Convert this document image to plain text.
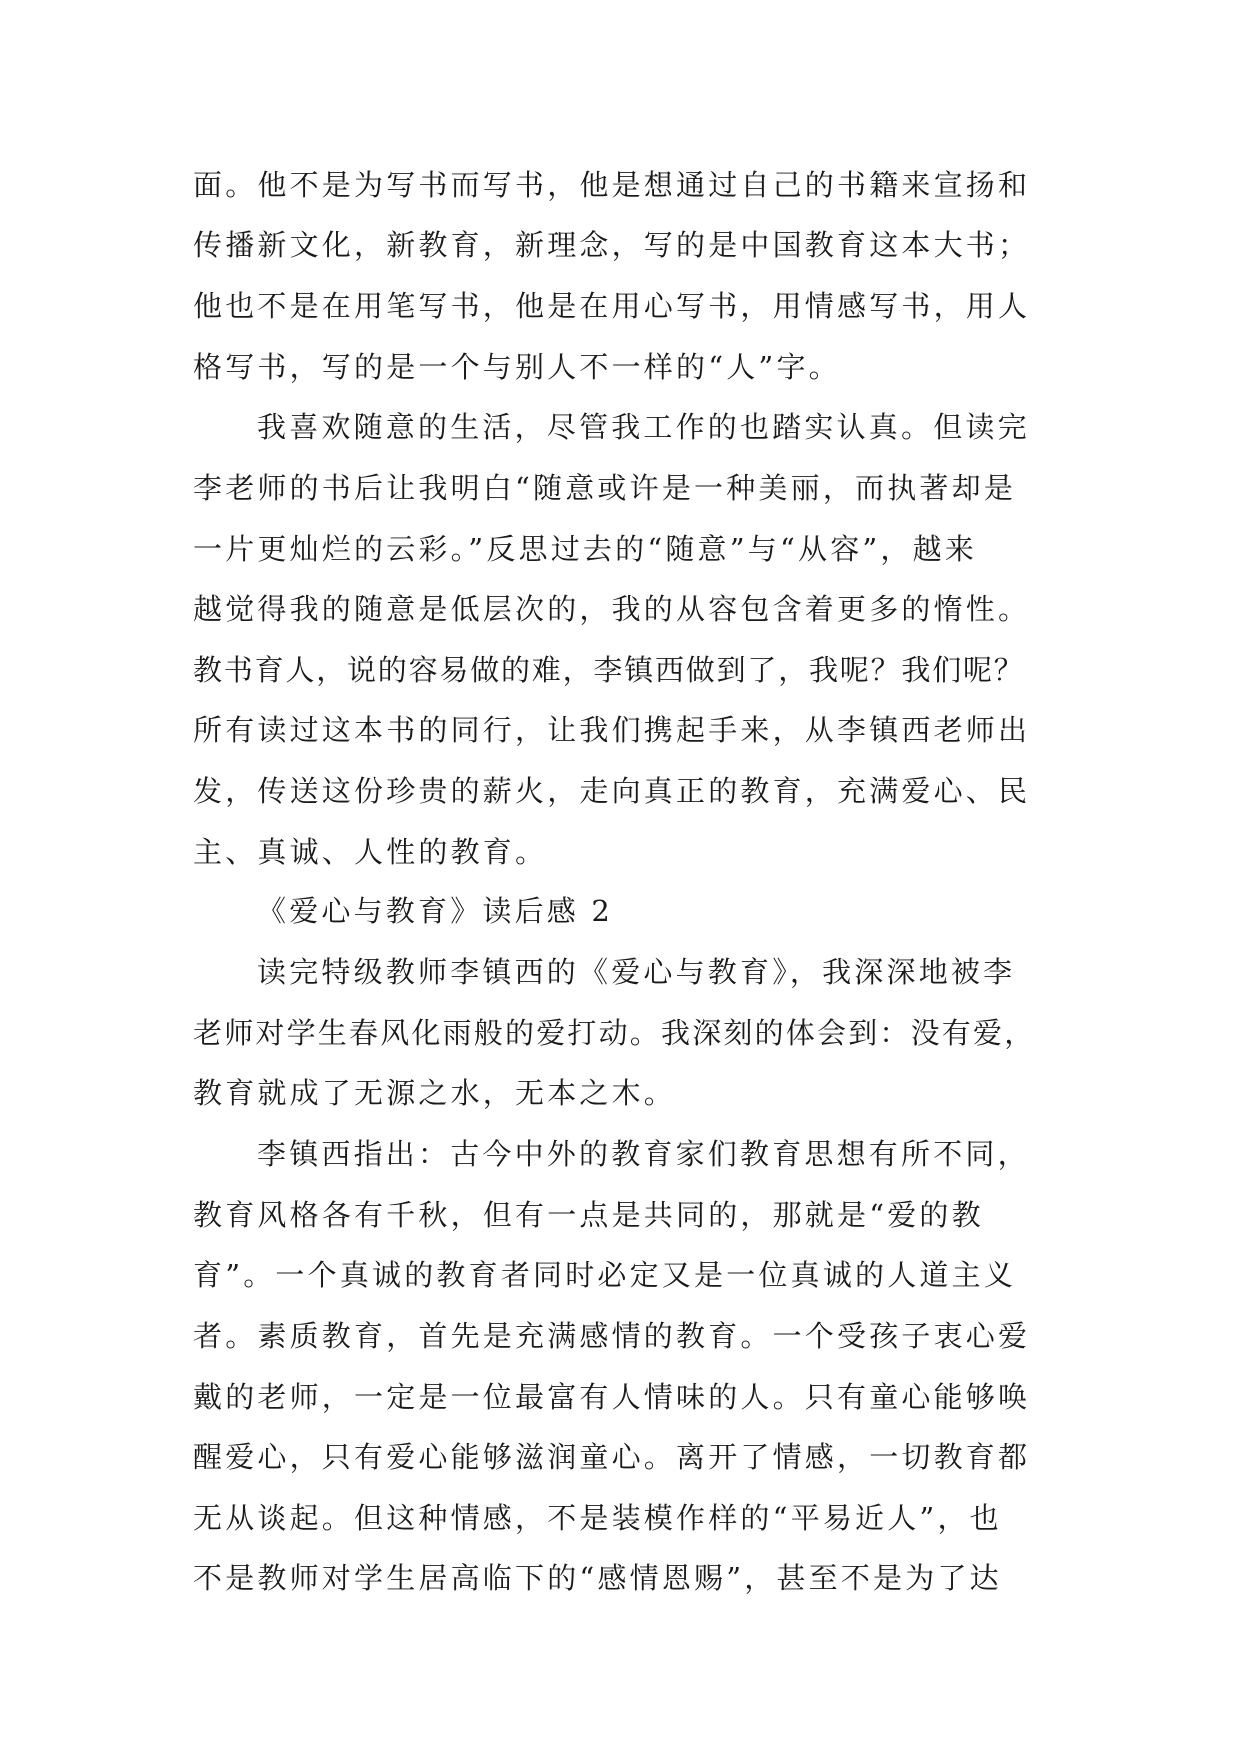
面。他不是为写书而写书，他是想通过自己的书籍来宣扬和
传播新文化，新教育，新理念，写的是中国教育这本大书；
他也不是在用笔写书，他是在用心写书，用情感写书，用人
格写书，写的是一个与别人不一样的“人”字。
我喜欢随意的生活，尽管我工作的也踏实认真。但读完
李老师的书后让我明白“随意或许是一种美丽，而执著却是
一片更灿烂的云彩。”反思过去的“随意”与“从容”，越来
越觉得我的随意是低层次的，我的从容包含着更多的惰性。
教书育人，说的容易做的难，李镇西做到了，我呢？我们呢？
所有读过这本书的同行，让我们携起手来，从李镇西老师出
发，传送这份珍贵的薪火，走向真正的教育，充满爱心、民
主、真诚、人性的教育。
《爱心与教育》读后感 2
读完特级教师李镇西的《爱心与教育》，我深深地被李
老师对学生春风化雨般的爱打动。我深刻的体会到：没有爱，
教育就成了无源之水，无本之木。
李镇西指出：古今中外的教育家们教育思想有所不同，
教育风格各有千秋，但有一点是共同的，那就是“爱的教
育”。一个真诚的教育者同时必定又是一位真诚的人道主义
者。素质教育，首先是充满感情的教育。一个受孩子衷心爱
戴的老师，一定是一位最富有人情味的人。只有童心能够唤
醒爱心，只有爱心能够滋润童心。离开了情感，一切教育都
无从谈起。但这种情感，不是装模作样的“平易近人”，也
不是教师对学生居高临下的“感情恩赐”，甚至不是为了达
